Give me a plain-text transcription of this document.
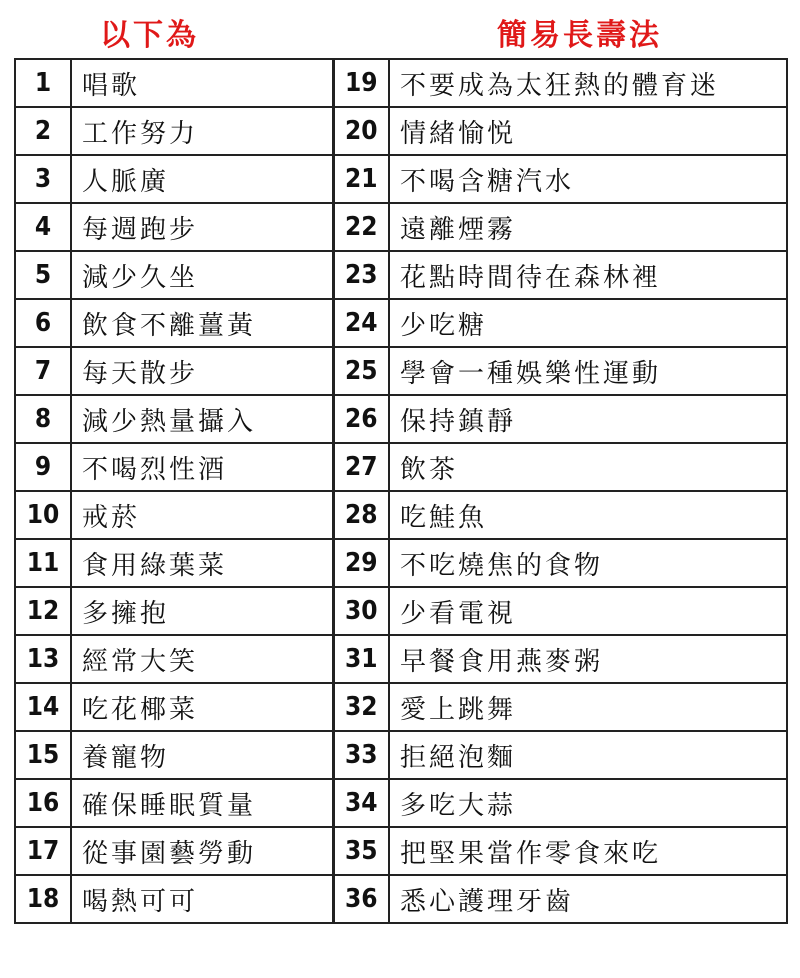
以下為	簡易長壽法
1	唱歌	19	不要成為太狂熱的體育迷
2	工作努力	20	情緒愉悦
3	人脈廣	21	不喝含糖汽水
4	每週跑步	22	遠離煙霧
5	減少久坐	23	花點時間待在森林裡
6	飲食不離薑黃	24	少吃糖
7	每天散步	25	學會一種娛樂性運動
8	減少熱量攝入	26	保持鎮靜
9	不喝烈性酒	27	飲茶
10	戒菸	28	吃鮭魚
11	食用綠葉菜	29	不吃燒焦的食物
12	多擁抱	30	少看電視
13	經常大笑	31	早餐食用燕麥粥
14	吃花椰菜	32	愛上跳舞
15	養寵物	33	拒絕泡麵
16	確保睡眠質量	34	多吃大蒜
17	從事園藝勞動	35	把堅果當作零食來吃
18	喝熱可可	36	悉心護理牙齒
